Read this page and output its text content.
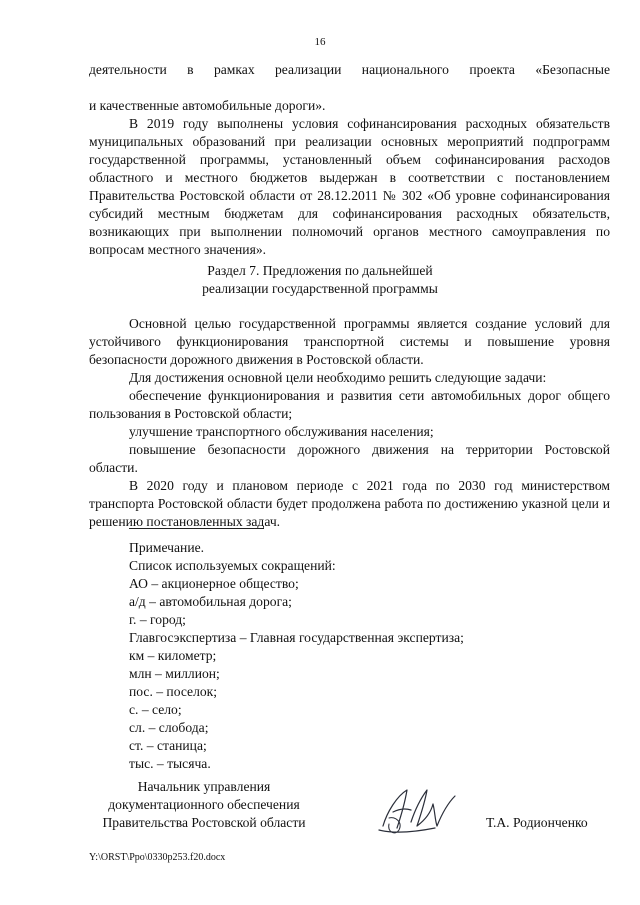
16

деятельности в рамках реализации национального проекта «Безопасные

и качественные автомобильные дороги».

В 2019 году выполнены условия софинансирования расходных обязательств муниципальных образований при реализации основных мероприятий подпрограмм государственной программы, установленный объем софинансирования расходов областного и местного бюджетов выдержан в соответствии с постановлением Правительства Ростовской области от 28.12.2011 № 302 «Об уровне софинансирования субсидий местным бюджетам для софинансирования расходных обязательств, возникающих при выполнении полномочий органов местного самоуправления по вопросам местного значения».

Раздел 7. Предложения по дальнейшей
реализации государственной программы

Основной целью государственной программы является создание условий для устойчивого функционирования транспортной системы и повышение уровня безопасности дорожного движения в Ростовской области.

Для достижения основной цели необходимо решить следующие задачи:

обеспечение функционирования и развития сети автомобильных дорог общего пользования в Ростовской области;

улучшение транспортного обслуживания населения;

повышение безопасности дорожного движения на территории Ростовской области.

В 2020 году и плановом периоде с 2021 года по 2030 год министерством транспорта Ростовской области будет продолжена работа по достижению указной цели и решению постановленных задач.

Примечание.
Список используемых сокращений:
АО – акционерное общество;
а/д – автомобильная дорога;
г. – город;
Главгосэкспертиза – Главная государственная экспертиза;
км – километр;
млн – миллион;
пос. – поселок;
с. – село;
сл. – слобода;
ст. – станица;
тыс. – тысяча.
Начальник управления
документационного обеспечения
Правительства Ростовской области	Т.А. Родионченко
Y:\ORST\Ppo\0330p253.f20.docx
